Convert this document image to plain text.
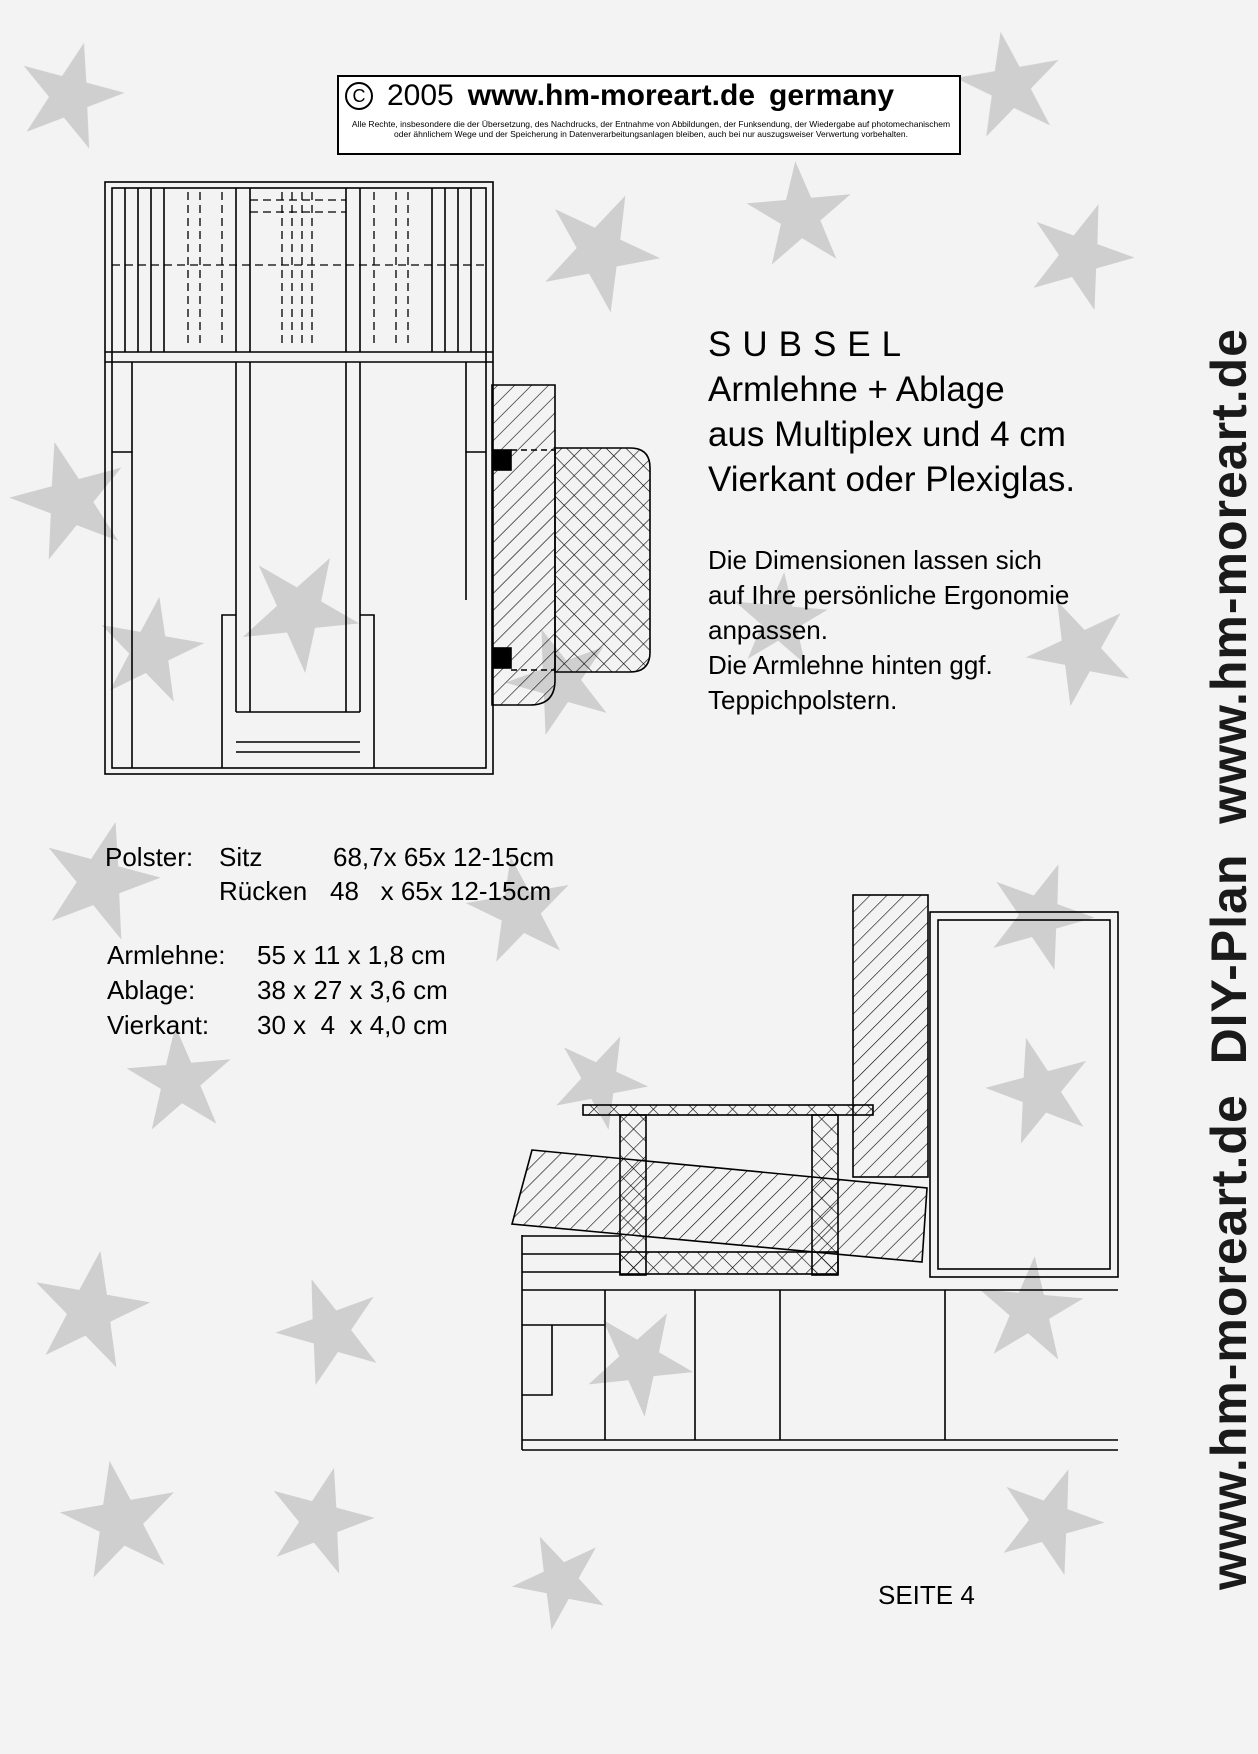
C 2005 www.hm-moreart.de germany
Alle Rechte, insbesondere die der Übersetzung, des Nachdrucks, der Entnahme von Abbildungen, der Funksendung, der Wiedergabe auf photomechanischem oder ähnlichem Wege und der Speicherung in Datenverarbeitungsanlagen bleiben, auch bei nur auszugsweiser Verwertung vorbehalten.
SUBSEL
Armlehne + Ablage
aus Multiplex und 4 cm
Vierkant oder Plexiglas.
Die Dimensionen lassen sich
auf Ihre persönliche Ergonomie
anpassen.
Die Armlehne hinten ggf.
Teppichpolstern.
Polster: Sitz	68,7x 65x 12-15cm
Rücken 48   x 65x 12-15cm
Armlehne: 55 x 11 x 1,8 cm
Ablage: 38 x 27 x 3,6 cm
Vierkant: 30 x  4  x 4,0 cm
SEITE 4
www.hm-moreart.de  DIY-Plan  www.hm-moreart.de
